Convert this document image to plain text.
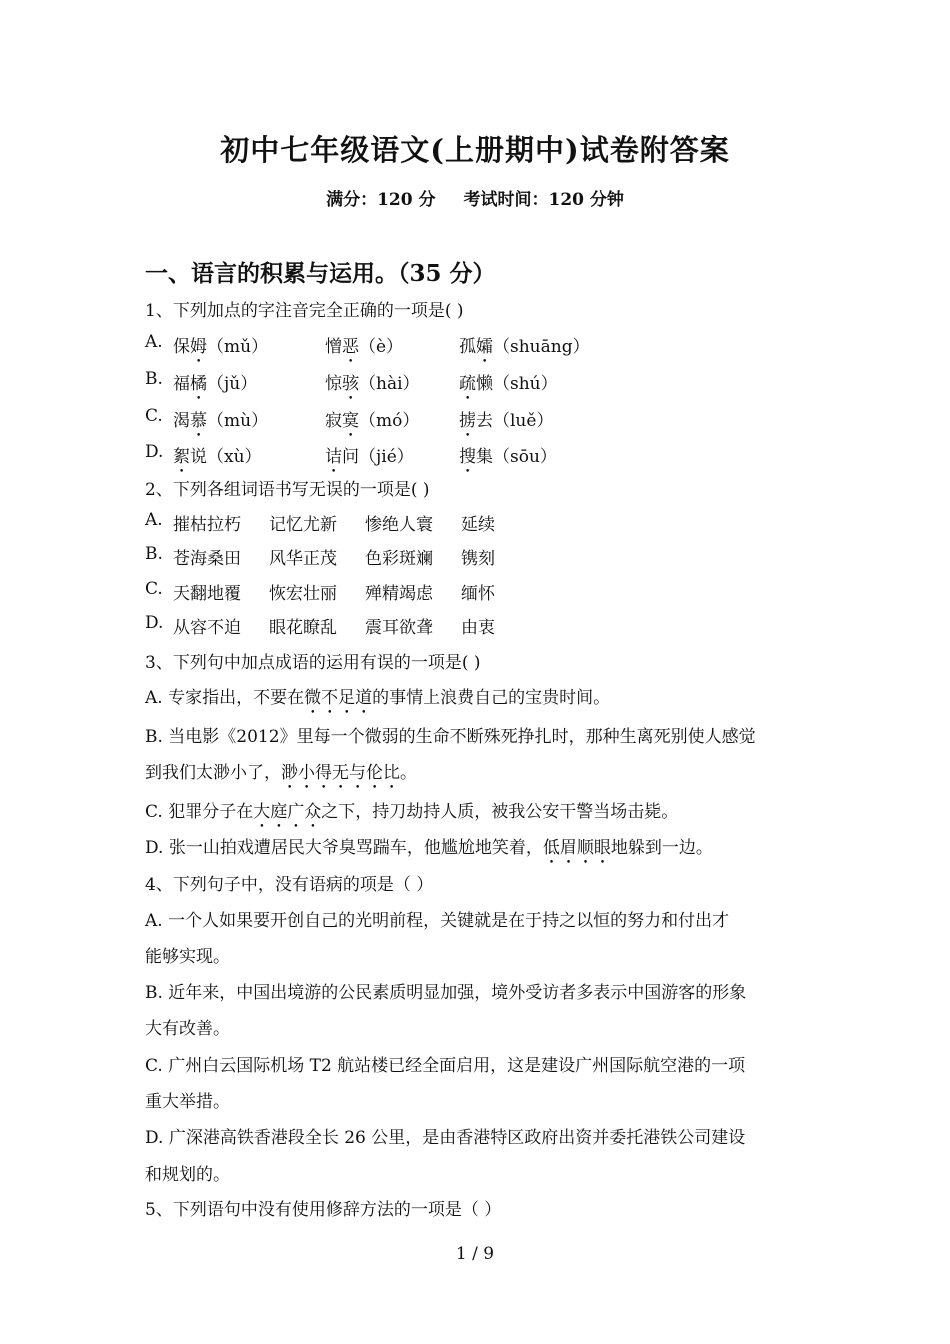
初中七年级语文(上册期中)试卷附答案
满分：120 分 考试时间：120 分钟
一、语言的积累与运用。（35 分）
1、下列加点的字注音完全正确的一项是( )
A. 保姆（mǔ）	憎恶（è）	孤孀（shuāng）
B. 福橘（jǔ）	惊骇（hài） 疏懒（shú）
C. 渴慕（mù）	寂寞（mó） 掳去（luě）
D. 絮说（xù）	诘问（jié）	搜集（sōu）
2、下列各组词语书写无误的一项是( )
A. 摧枯拉朽 记忆尤新 惨绝人寰 延续
B. 苍海桑田 风华正茂 色彩斑斓 镌刻
C. 天翻地覆 恢宏壮丽 殚精竭虑 缅怀
D. 从容不迫 眼花瞭乱 震耳欲聋 由衷
3、下列句中加点成语的运用有误的一项是( )
A. 专家指出，不要在微不足道的事情上浪费自己的宝贵时间。
B. 当电影《2012》里每一个微弱的生命不断殊死挣扎时，那种生离死别使人感觉
到我们太渺小了，渺小得无与伦比。
C. 犯罪分子在大庭广众之下，持刀劫持人质，被我公安干警当场击毙。
D. 张一山拍戏遭居民大爷臭骂踹车，他尴尬地笑着，低眉顺眼地躲到一边。
4、下列句子中，没有语病的项是（ ）
A. 一个人如果要开创自己的光明前程，关键就是在于持之以恒的努力和付出才
能够实现。
B. 近年来，中国出境游的公民素质明显加强，境外受访者多表示中国游客的形象
大有改善。
C. 广州白云国际机场 T2 航站楼已经全面启用，这是建设广州国际航空港的一项
重大举措。
D. 广深港高铁香港段全长 26 公里，是由香港特区政府出资并委托港铁公司建设
和规划的。
5、下列语句中没有使用修辞方法的一项是（ ）
1 / 9
